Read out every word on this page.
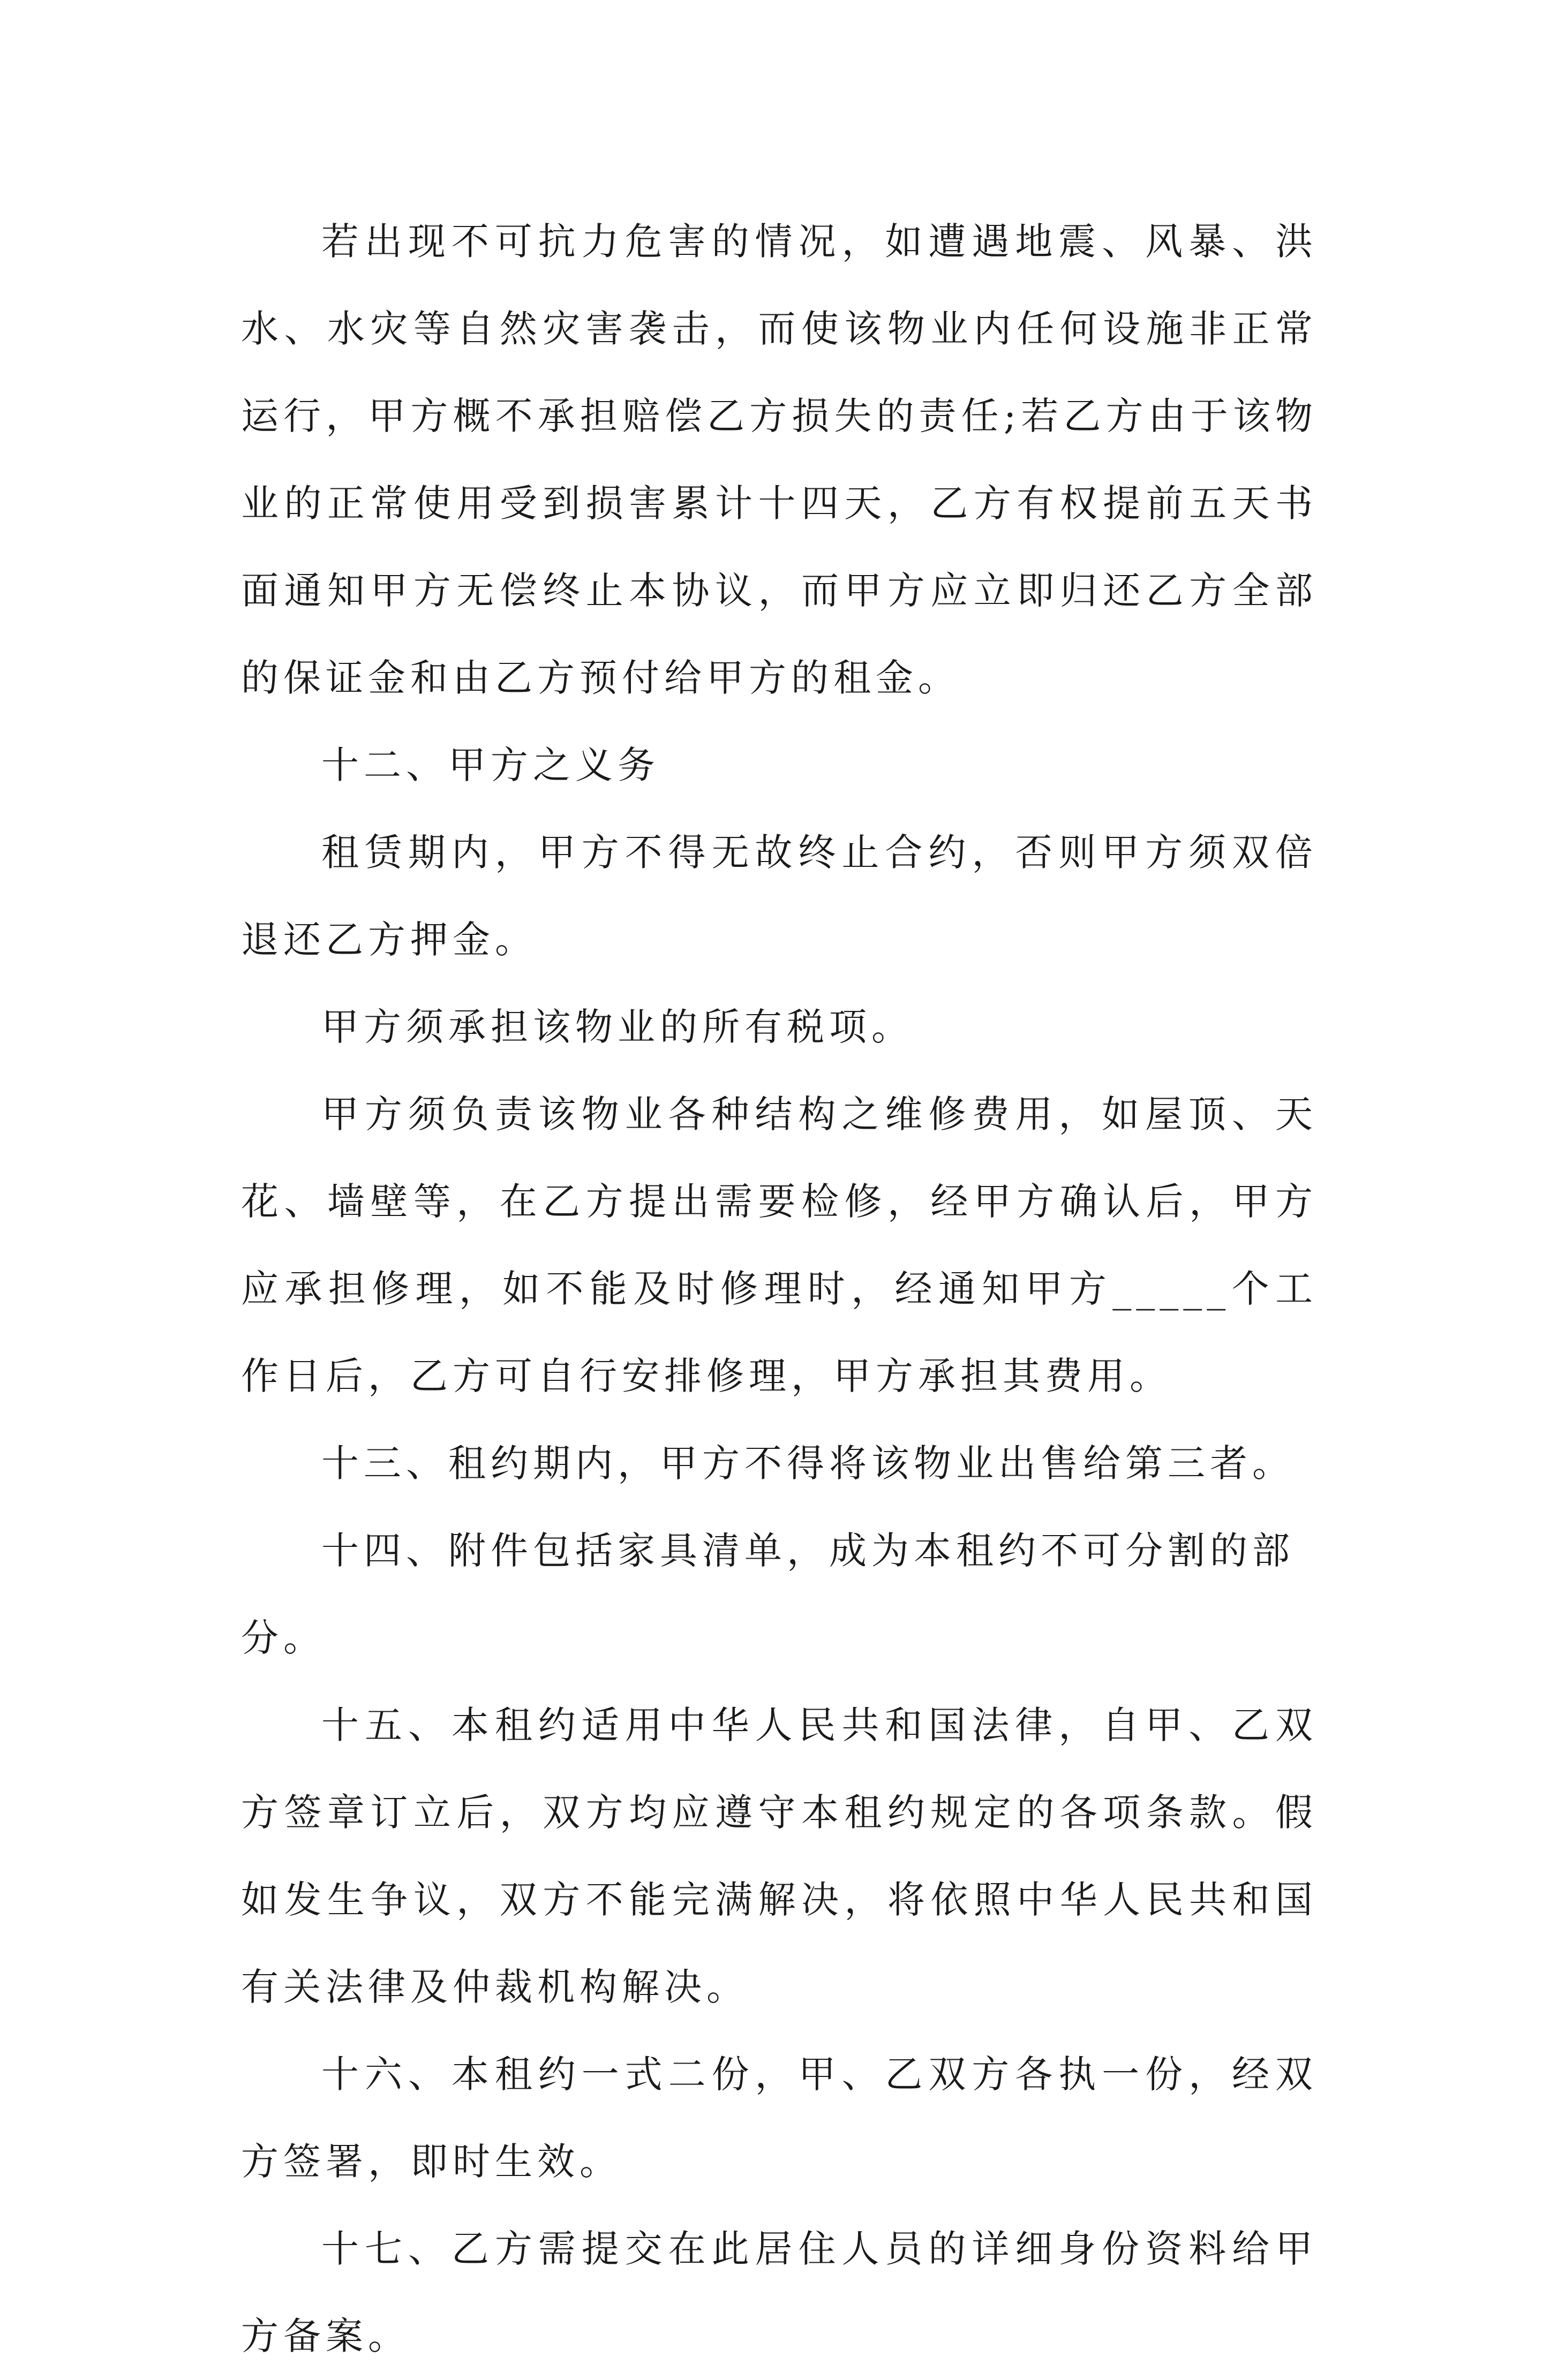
若出现不可抗力危害的情况，如遭遇地震、风暴、洪水、水灾等自然灾害袭击，而使该物业内任何设施非正常运行，甲方概不承担赔偿乙方损失的责任;若乙方由于该物业的正常使用受到损害累计十四天，乙方有权提前五天书面通知甲方无偿终止本协议，而甲方应立即归还乙方全部的保证金和由乙方预付给甲方的租金。

十二、甲方之义务

租赁期内，甲方不得无故终止合约，否则甲方须双倍退还乙方押金。

甲方须承担该物业的所有税项。

甲方须负责该物业各种结构之维修费用，如屋顶、天花、墙壁等，在乙方提出需要检修，经甲方确认后，甲方应承担修理，如不能及时修理时，经通知甲方_____个工作日后，乙方可自行安排修理，甲方承担其费用。

十三、租约期内，甲方不得将该物业出售给第三者。

十四、附件包括家具清单，成为本租约不可分割的部分。

十五、本租约适用中华人民共和国法律，自甲、乙双方签章订立后，双方均应遵守本租约规定的各项条款。假如发生争议，双方不能完满解决，将依照中华人民共和国有关法律及仲裁机构解决。

十六、本租约一式二份，甲、乙双方各执一份，经双方签署，即时生效。

十七、乙方需提交在此居住人员的详细身份资料给甲方备案。
